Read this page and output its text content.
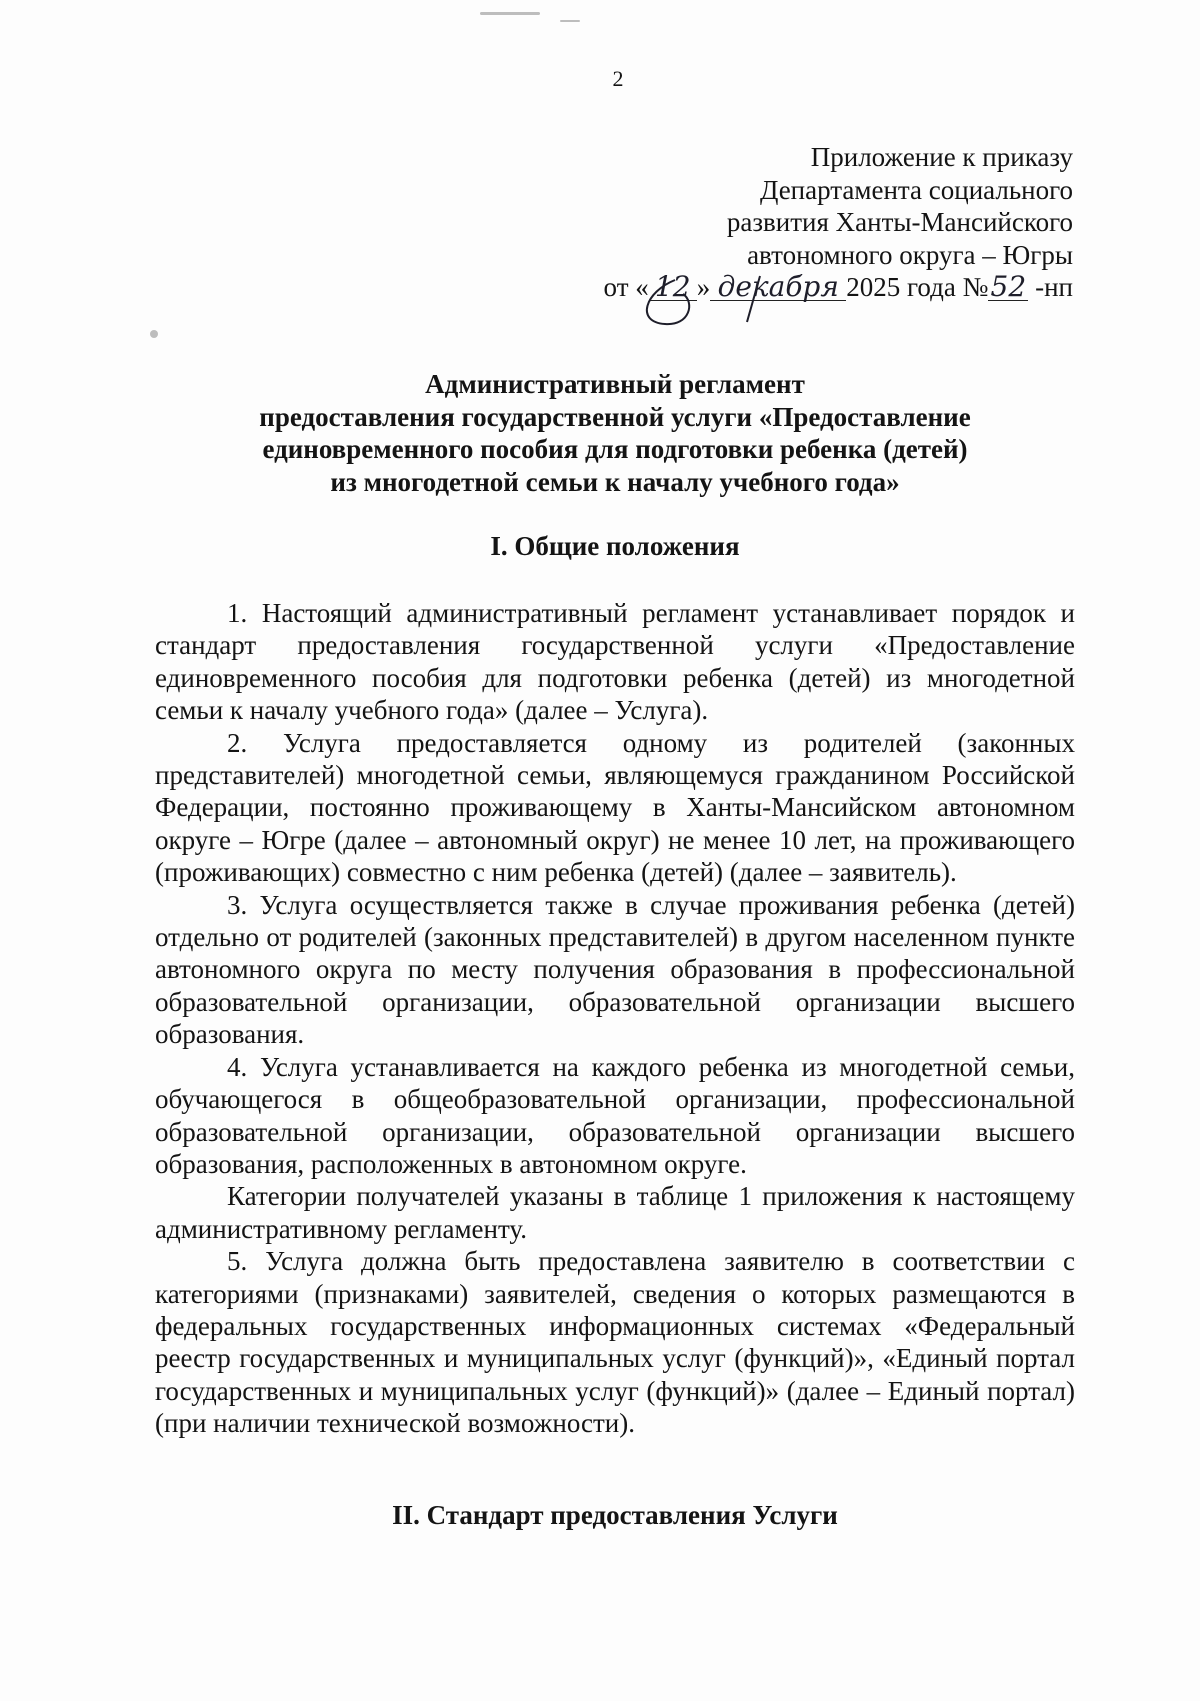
2
Приложение к приказу
Департамента социального
развития Ханты-Мансийского
автономного округа – Югры
от « 12 » декабря 2025 года №52 -нп
Административный регламент
предоставления государственной услуги «Предоставление
единовременного пособия для подготовки ребенка (детей)
из многодетной семьи к началу учебного года»
I. Общие положения

1. Настоящий административный регламент устанавливает порядок и стандарт предоставления государственной услуги «Предоставление единовременного пособия для подготовки ребенка (детей) из многодетной семьи к началу учебного года» (далее – Услуга).

2. Услуга предоставляется одному из родителей (законных представителей) многодетной семьи, являющемуся гражданином Российской Федерации, постоянно проживающему в Ханты-Мансийском автономном округе – Югре (далее – автономный округ) не менее 10 лет, на проживающего (проживающих) совместно с ним ребенка (детей) (далее – заявитель).

3. Услуга осуществляется также в случае проживания ребенка (детей) отдельно от родителей (законных представителей) в другом населенном пункте автономного округа по месту получения образования в профессиональной образовательной организации, образовательной организации высшего образования.

4. Услуга устанавливается на каждого ребенка из многодетной семьи, обучающегося в общеобразовательной организации, профессиональной образовательной организации, образовательной организации высшего образования, расположенных в автономном округе.

Категории получателей указаны в таблице 1 приложения к настоящему административному регламенту.

5. Услуга должна быть предоставлена заявителю в соответствии с категориями (признаками) заявителей, сведения о которых размещаются в федеральных государственных информационных системах «Федеральный реестр государственных и муниципальных услуг (функций)», «Единый портал государственных и муниципальных услуг (функций)» (далее – Единый портал) (при наличии технической возможности).

II. Стандарт предоставления Услуги
